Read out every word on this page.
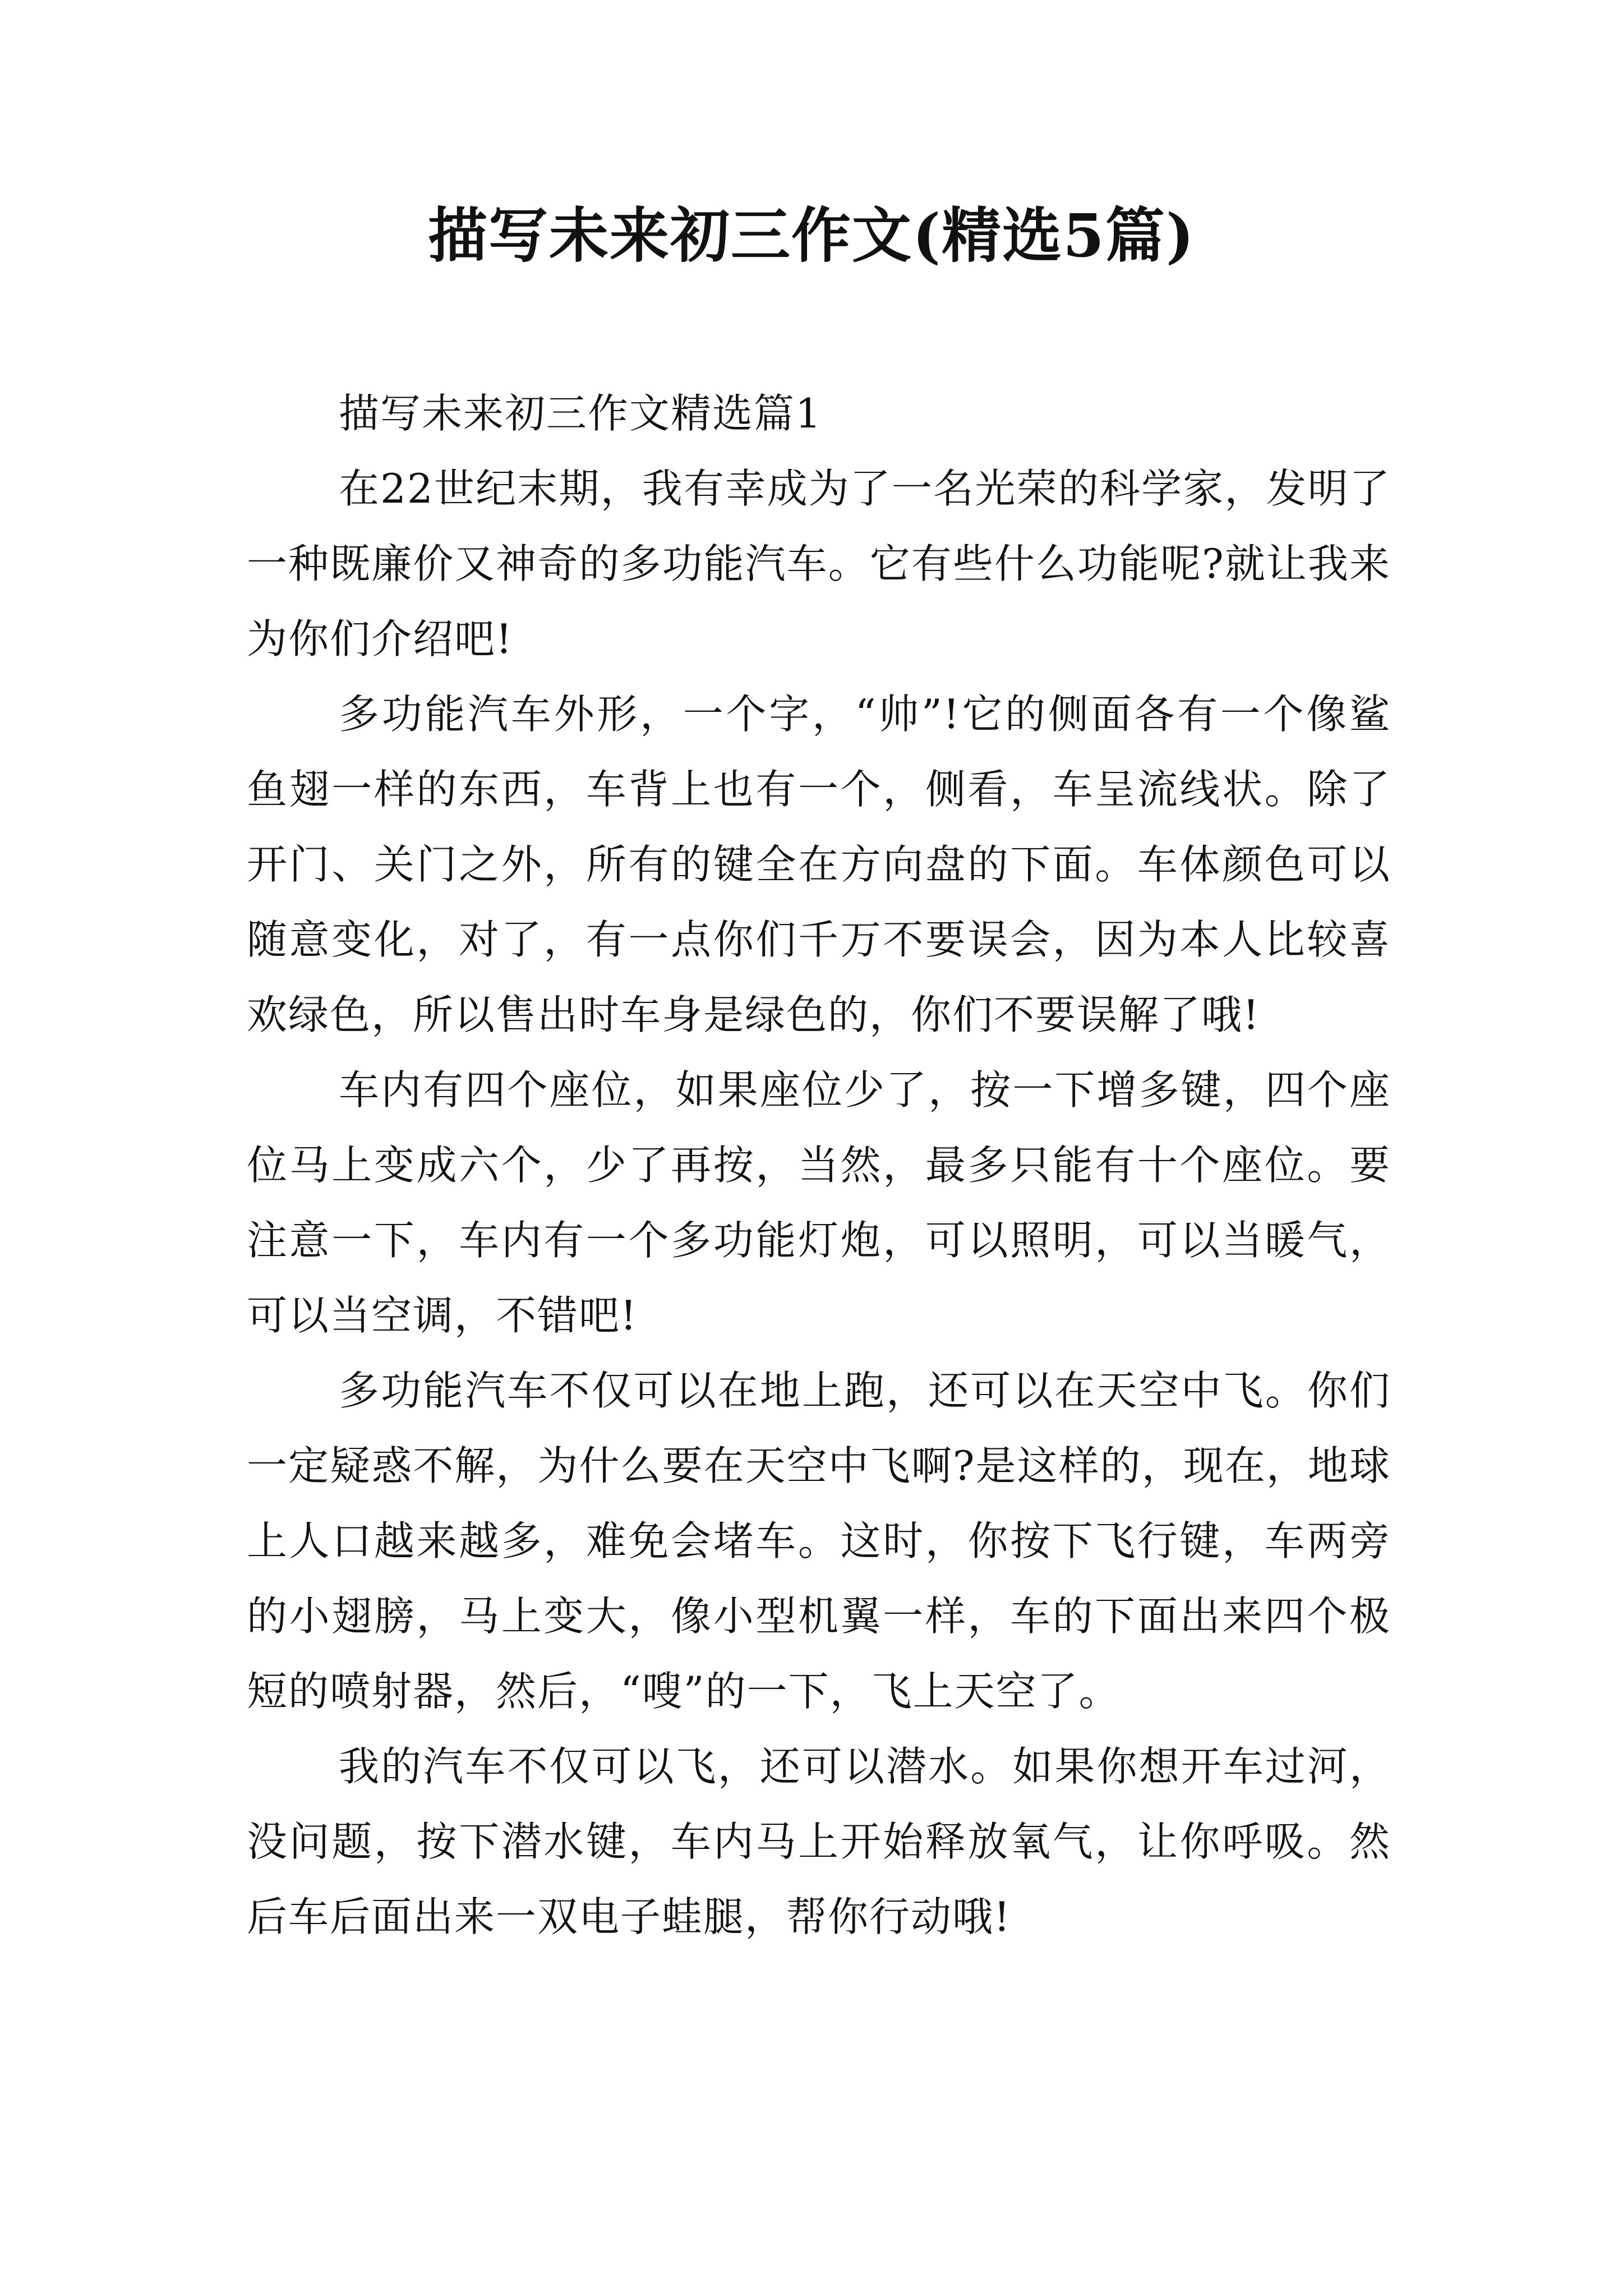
描写未来初三作文(精选5篇)

描写未来初三作文精选篇1

在22世纪末期，我有幸成为了一名光荣的科学家，发明了一种既廉价又神奇的多功能汽车。它有些什么功能呢?就让我来为你们介绍吧!

多功能汽车外形，一个字，“帅”!它的侧面各有一个像鲨鱼翅一样的东西，车背上也有一个，侧看，车呈流线状。除了开门、关门之外，所有的键全在方向盘的下面。车体颜色可以随意变化，对了，有一点你们千万不要误会，因为本人比较喜欢绿色，所以售出时车身是绿色的，你们不要误解了哦!

车内有四个座位，如果座位少了，按一下增多键，四个座位马上变成六个，少了再按，当然，最多只能有十个座位。要注意一下，车内有一个多功能灯炮，可以照明，可以当暖气，可以当空调，不错吧!

多功能汽车不仅可以在地上跑，还可以在天空中飞。你们一定疑惑不解，为什么要在天空中飞啊?是这样的，现在，地球上人口越来越多，难免会堵车。这时，你按下飞行键，车两旁的小翅膀，马上变大，像小型机翼一样，车的下面出来四个极短的喷射器，然后，“嗖”的一下，飞上天空了。

我的汽车不仅可以飞，还可以潜水。如果你想开车过河，没问题，按下潜水键，车内马上开始释放氧气，让你呼吸。然后车后面出来一双电子蛙腿，帮你行动哦!
